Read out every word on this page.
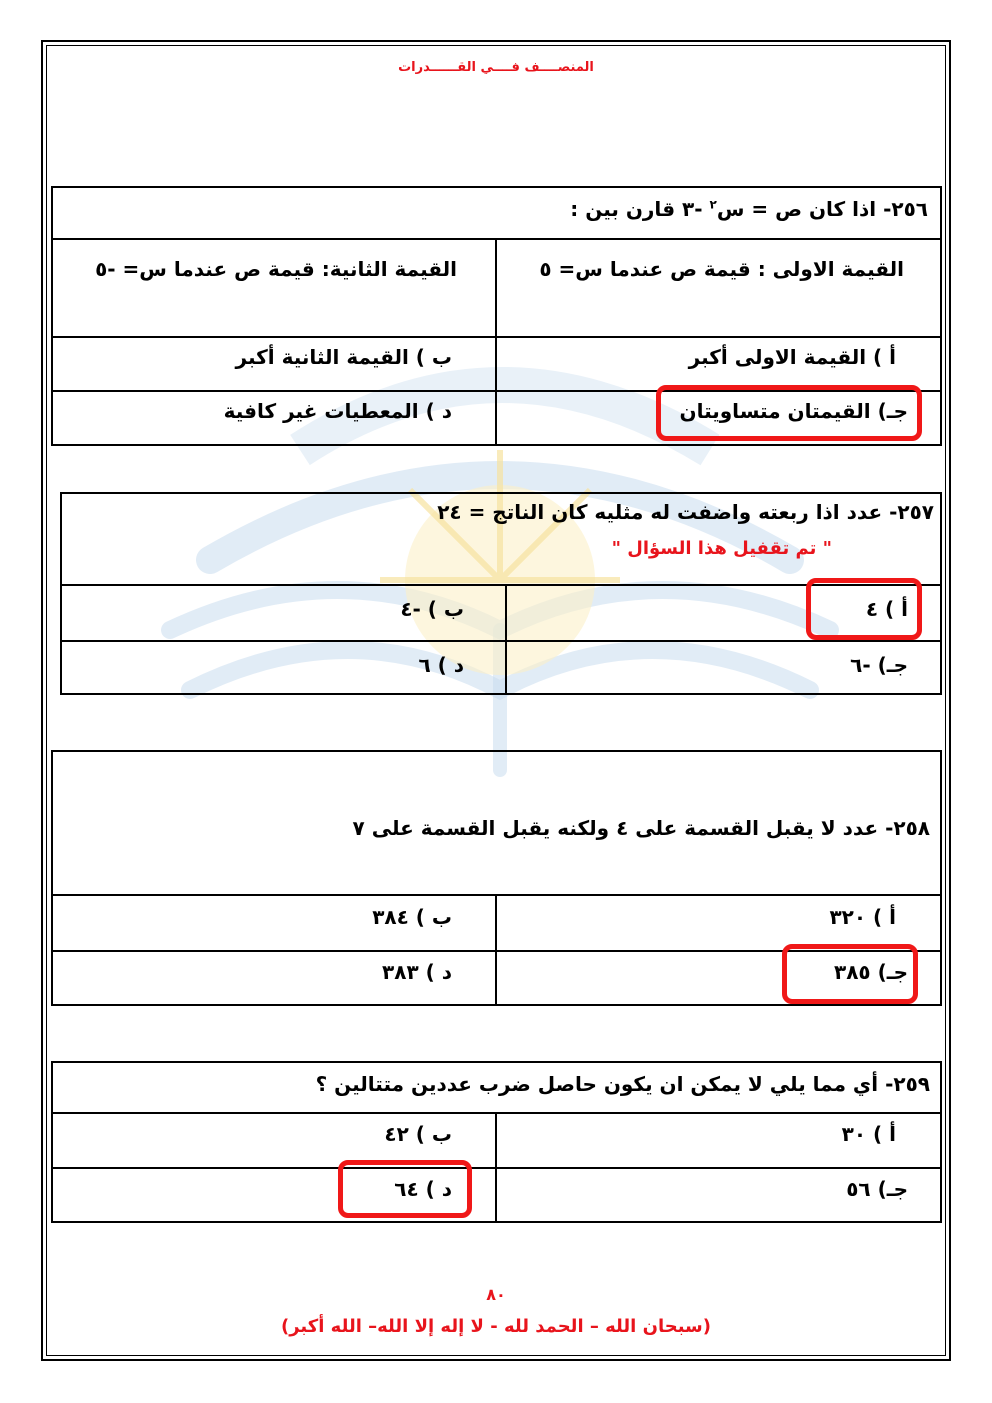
المنصــــف فــــي القــــــدرات
٢٥٦- اذا كان ص = س$^٢$ -٣ قارن بين :
القيمة الاولى : قيمة ص عندما س= ٥
القيمة الثانية: قيمة ص عندما س= -٥
أ ) القيمة الاولى أكبر
ب ) القيمة الثانية أكبر
جـ) القيمتان متساويتان
د ) المعطيات غير كافية
٢٥٧- عدد اذا ربعته واضفت له مثليه كان الناتج = ٢٤
" تم تقفيل هذا السؤال "
أ ) ٤
ب ) -٤
جـ) -٦
د ) ٦
٢٥٨- عدد لا يقبل القسمة على ٤ ولكنه يقبل القسمة على ٧
أ ) ٣٢٠
ب ) ٣٨٤
جـ) ٣٨٥
د ) ٣٨٣
٢٥٩- أي مما يلي لا يمكن ان يكون حاصل ضرب عددين متتالين ؟
أ ) ٣٠
ب ) ٤٢
جـ) ٥٦
د ) ٦٤
٨٠
(سبحان الله – الحمد لله - لا إله إلا الله– الله أكبر)
